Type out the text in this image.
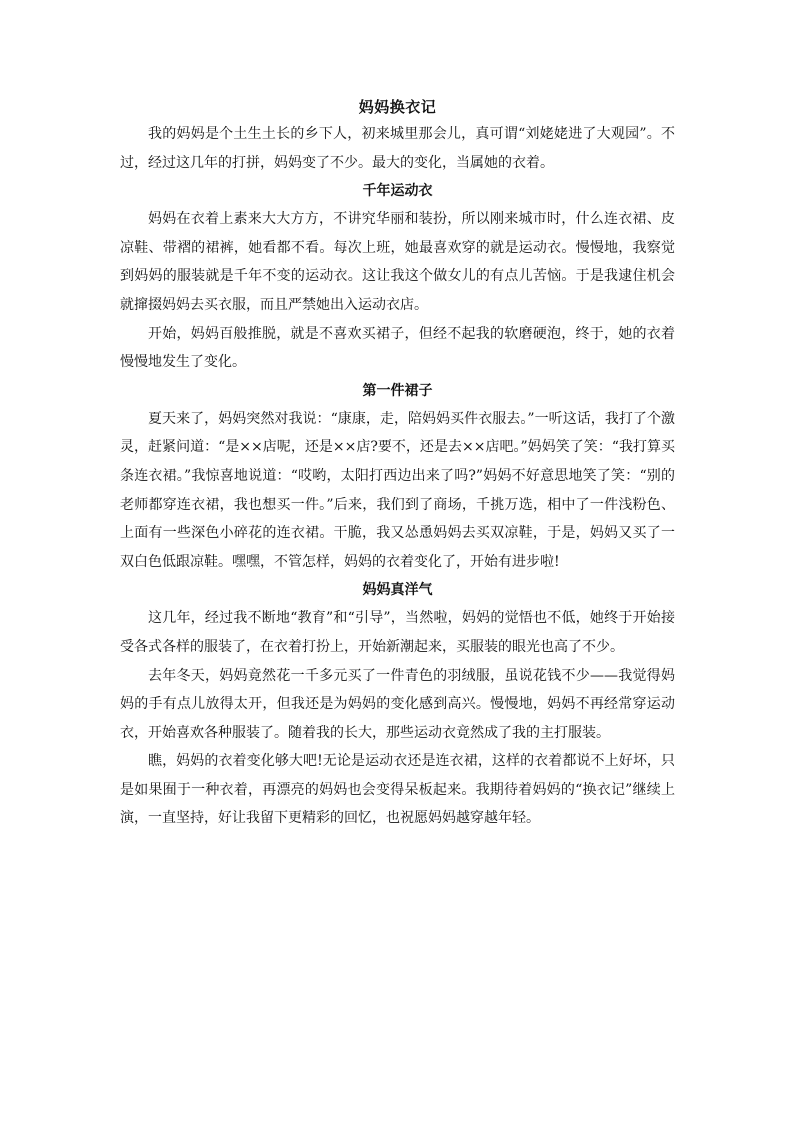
妈妈换衣记

我的妈妈是个土生土长的乡下人，初来城里那会儿，真可谓“刘姥姥进了大观园”。不过，经过这几年的打拼，妈妈变了不少。最大的变化，当属她的衣着。

千年运动衣

妈妈在衣着上素来大大方方，不讲究华丽和装扮，所以刚来城市时，什么连衣裙、皮凉鞋、带褶的裙裤，她看都不看。每次上班，她最喜欢穿的就是运动衣。慢慢地，我察觉到妈妈的服装就是千年不变的运动衣。这让我这个做女儿的有点儿苦恼。于是我逮住机会就撺掇妈妈去买衣服，而且严禁她出入运动衣店。

开始，妈妈百般推脱，就是不喜欢买裙子，但经不起我的软磨硬泡，终于，她的衣着慢慢地发生了变化。

第一件裙子

夏天来了，妈妈突然对我说：“康康，走，陪妈妈买件衣服去。”一听这话，我打了个激灵，赶紧问道：“是××店呢，还是××店?要不，还是去××店吧。”妈妈笑了笑：“我打算买条连衣裙。”我惊喜地说道：“哎哟，太阳打西边出来了吗?”妈妈不好意思地笑了笑：“别的老师都穿连衣裙，我也想买一件。”后来，我们到了商场，千挑万选，相中了一件浅粉色、上面有一些深色小碎花的连衣裙。干脆，我又怂恿妈妈去买双凉鞋，于是，妈妈又买了一双白色低跟凉鞋。嘿嘿，不管怎样，妈妈的衣着变化了，开始有进步啦!

妈妈真洋气

这几年，经过我不断地“教育”和“引导”，当然啦，妈妈的觉悟也不低，她终于开始接受各式各样的服装了，在衣着打扮上，开始新潮起来，买服装的眼光也高了不少。

去年冬天，妈妈竟然花一千多元买了一件青色的羽绒服，虽说花钱不少——我觉得妈妈的手有点儿放得太开，但我还是为妈妈的变化感到高兴。慢慢地，妈妈不再经常穿运动衣，开始喜欢各种服装了。随着我的长大，那些运动衣竟然成了我的主打服装。

瞧，妈妈的衣着变化够大吧!无论是运动衣还是连衣裙，这样的衣着都说不上好坏，只是如果囿于一种衣着，再漂亮的妈妈也会变得呆板起来。我期待着妈妈的“换衣记”继续上演，一直坚持，好让我留下更精彩的回忆，也祝愿妈妈越穿越年轻。
